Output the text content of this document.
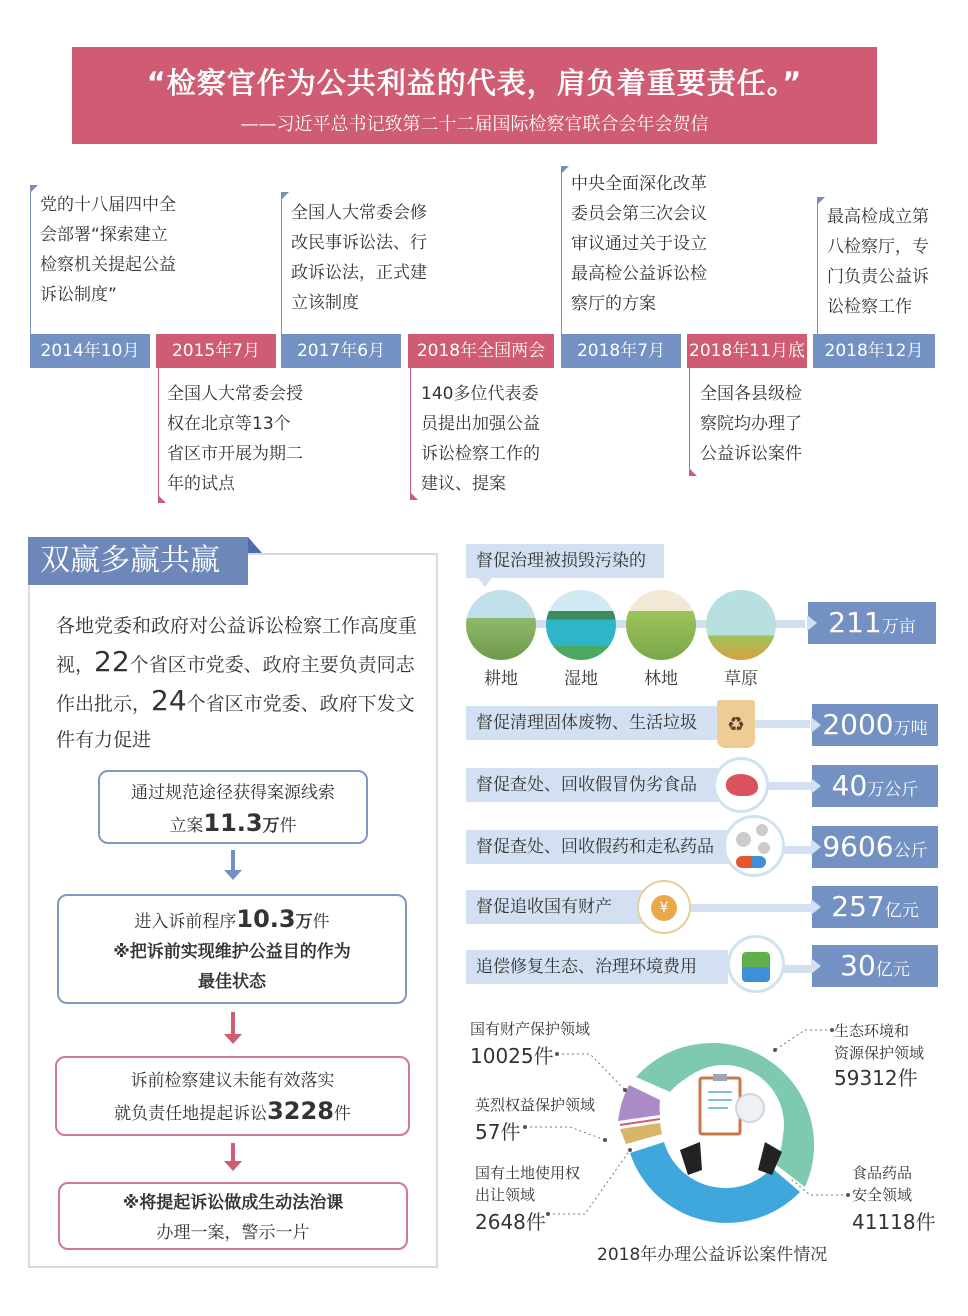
“检察官作为公共利益的代表，肩负着重要责任。”
——习近平总书记致第二十二届国际检察官联合会年会贺信
党的十八届四中全
会部署“探索建立
检察机关提起公益
诉讼制度”
全国人大常委会修
改民事诉讼法、行
政诉讼法，正式建
立该制度
中央全面深化改革
委员会第三次会议
审议通过关于设立
最高检公益诉讼检
察厅的方案
最高检成立第
八检察厅，专
门负责公益诉
讼检察工作
2014年10月	2015年7月	2017年6月	2018年全国两会	2018年7月	2018年11月底	2018年12月
全国人大常委会授
权在北京等13个
省区市开展为期二
年的试点
140多位代表委
员提出加强公益
诉讼检察工作的
建议、提案
全国各县级检
察院均办理了
公益诉讼案件
双赢多赢共赢
各地党委和政府对公益诉讼检察工作高度重视，22个省区市党委、政府主要负责同志作出批示，24个省区市党委、政府下发文件有力促进
通过规范途径获得案源线索
立案11.3万件
进入诉前程序10.3万件
※把诉前实现维护公益目的作为
最佳状态
诉前检察建议未能有效落实
就负责任地提起诉讼3228件
※将提起诉讼做成生动法治课
办理一案，警示一片
督促治理被损毁污染的
耕地	湿地	林地	草原
211万亩
督促清理固体废物、生活垃圾	♻	2000万吨
督促查处、回收假冒伪劣食品	40万公斤
督促查处、回收假药和走私药品	9606公斤
督促追收国有财产	¥	257亿元
追偿修复生态、治理环境费用	30亿元
国有财产保护领域
10025件
英烈权益保护领域
57件
国有土地使用权
出让领域
2648件
生态环境和
资源保护领域
59312件
食品药品
安全领域
41118件
2018年办理公益诉讼案件情况
